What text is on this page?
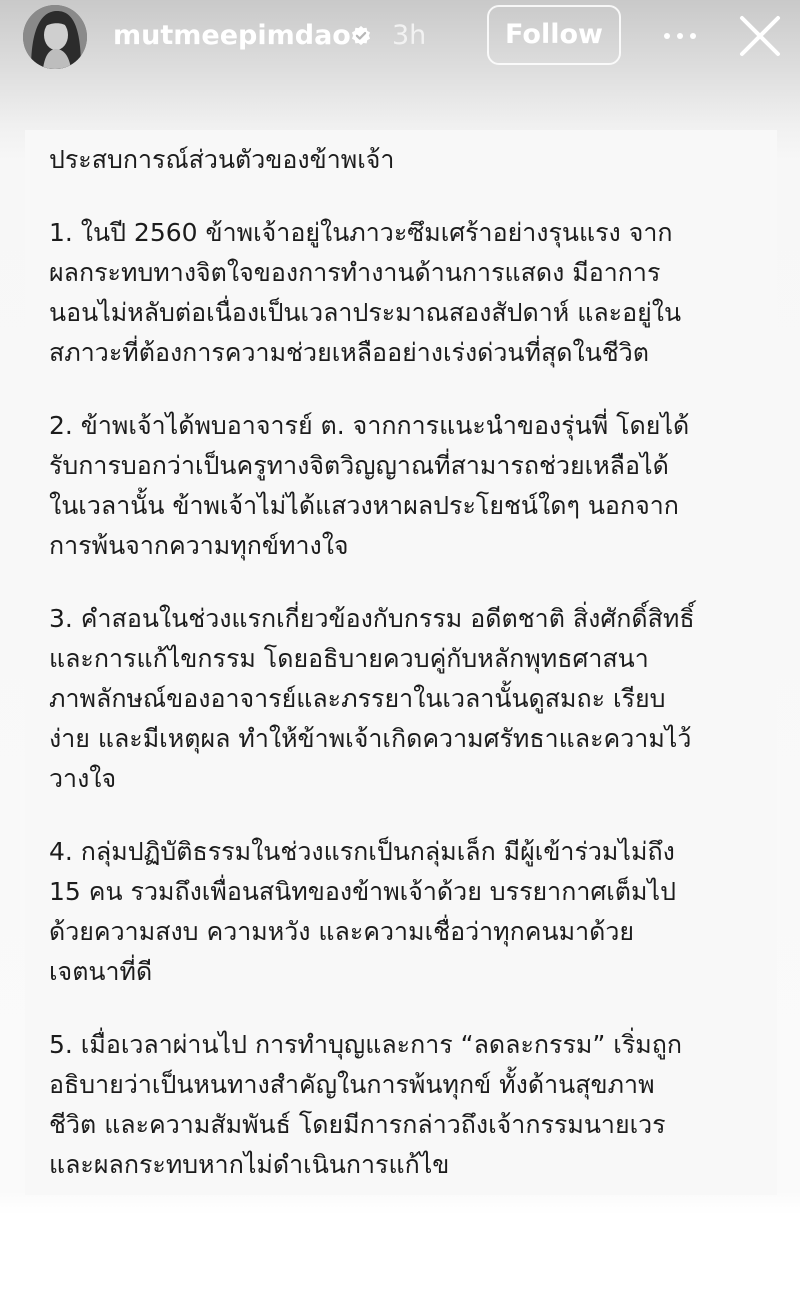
mutmeepimdao 3h	Follow
ประสบการณ์ส่วนตัวของข้าพเจ้า
1. ในปี 2560 ข้าพเจ้าอยู่ในภาวะซึมเศร้าอย่างรุนแรง จาก
ผลกระทบทางจิตใจของการทำงานด้านการแสดง มีอาการ
นอนไม่หลับต่อเนื่องเป็นเวลาประมาณสองสัปดาห์ และอยู่ใน
สภาวะที่ต้องการความช่วยเหลืออย่างเร่งด่วนที่สุดในชีวิต
2. ข้าพเจ้าได้พบอาจารย์ ต. จากการแนะนำของรุ่นพี่ โดยได้
รับการบอกว่าเป็นครูทางจิตวิญญาณที่สามารถช่วยเหลือได้
ในเวลานั้น ข้าพเจ้าไม่ได้แสวงหาผลประโยชน์ใดๆ นอกจาก
การพ้นจากความทุกข์ทางใจ
3. คำสอนในช่วงแรกเกี่ยวข้องกับกรรม อดีตชาติ สิ่งศักดิ์สิทธิ์
และการแก้ไขกรรม โดยอธิบายควบคู่กับหลักพุทธศาสนา
ภาพลักษณ์ของอาจารย์และภรรยาในเวลานั้นดูสมถะ เรียบ
ง่าย และมีเหตุผล ทำให้ข้าพเจ้าเกิดความศรัทธาและความไว้
วางใจ
4. กลุ่มปฏิบัติธรรมในช่วงแรกเป็นกลุ่มเล็ก มีผู้เข้าร่วมไม่ถึง
15 คน รวมถึงเพื่อนสนิทของข้าพเจ้าด้วย บรรยากาศเต็มไป
ด้วยความสงบ ความหวัง และความเชื่อว่าทุกคนมาด้วย
เจตนาที่ดี
5. เมื่อเวลาผ่านไป การทำบุญและการ “ลดละกรรม” เริ่มถูก
อธิบายว่าเป็นหนทางสำคัญในการพ้นทุกข์ ทั้งด้านสุขภาพ
ชีวิต และความสัมพันธ์ โดยมีการกล่าวถึงเจ้ากรรมนายเวร
และผลกระทบหากไม่ดำเนินการแก้ไข
